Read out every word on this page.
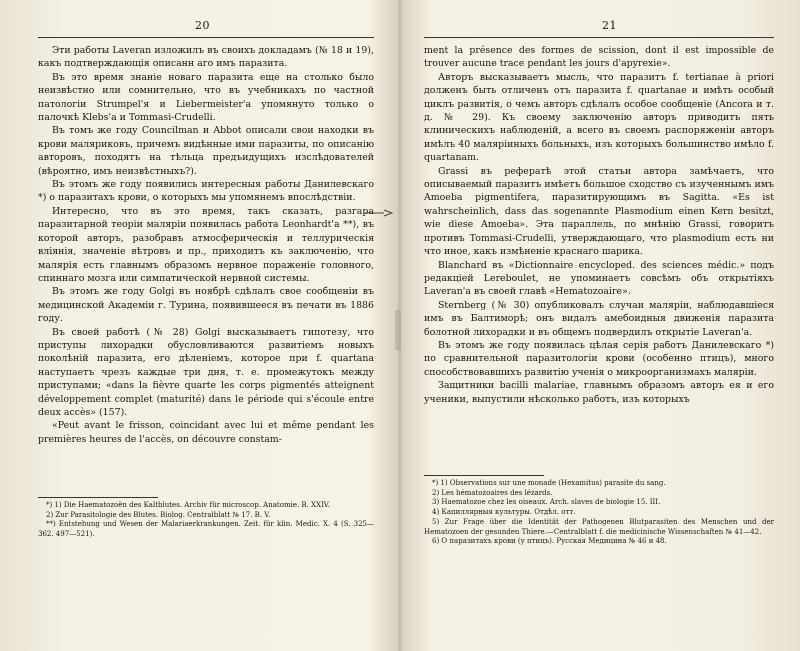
20

Эти работы Laveran изложилъ въ своихъ докладамъ (№ 18 и 19), какъ подтверждающія описанн аго имъ паразита.

Въ это время знаніе новаго паразита еще на столько было неизвѣстно или сомнительно, что въ учебникахъ по частной патологіи Strumpel'я и Liebermeister'a упомянуто только о палочкѣ Klebs'a и Tommasi-Crudelli.

Въ томъ же году Councilman и Abbot описали свои находки въ крови маляриковъ, причемъ видѣнные ими паразиты, по описанію авторовъ, походятъ на тѣльца предъидущихъ изслѣдователей (вѣроятно, имъ неизвѣстныхъ?).

Въ этомъ же году появились интересныя работы Данилевскаго *) о паразитахъ крови, о которыхъ мы упомянемъ впослѣдствіи.

Интересно, что въ это время, такъ сказать, разгара паразитарной теоріи маляріи появилась работа Leonhardt'a **), въ которой авторъ, разобравъ атмосферическія и теллурическія вліянія, значеніе вѣтровъ и пр., приходитъ къ заключенію, что малярія есть главнымъ образомъ нервное пораженіе головного, спиннаго мозга или симпатической нервной системы.

Въ этомъ же году Golgi въ ноябрѣ сдѣлалъ свое сообщеніи въ медицинской Академіи г. Турина, появившееся въ печати въ 1886 году.

Въ своей работѣ (№ 28) Golgi высказываетъ гипотезу, что приступы лихорадки обусловливаются развитіемъ новыхъ поколѣній паразита, его дѣленіемъ, которое при f. quartana наступаетъ чрезъ каждые три дня, т. е. промежутокъ между приступами; «dans la fièvre quarte les corps pigmentés atteignent développement complet (maturité) dans le période qui s'écoule entre deux accès» (157).

«Peut avant le frisson, coincidant avec lui et même pendant les premières heures de l'accès, on découvre constam-

*) 1) Die Haematozoën des Kaltblutes. Archiv für microscop. Anatomie. B. XXIV.

2) Zur Parasitologie des Blutes. Biolog. Centralblatt № 17. B. V.

**) Entstehung und Wesen der Malariaerkrankungen. Zeit. für klin. Medic. X. 4 (S. 325—362. 497—521).

21

ment la présence des formes de scission, dont il est impossible de trouver aucune trace pendant les jours d'apyrexie».

Авторъ высказываетъ мысль, что паразитъ f. tertianae à priori долженъ быть отличенъ отъ паразита f. quartanae и имѣть особый циклъ развитія, о чемъ авторъ сдѣлалъ особое сообщеніе (Ancora и т. д. № 29). Къ своему заключенію авторъ приводитъ пять клиническихъ наблюденій, а всего въ своемъ распоряженіи авторъ имѣлъ 40 маляріиныхъ больныхъ, изъ которыхъ большинство имѣло f. quartanam.

Grassi въ рефератѣ этой статьи автора замѣчаетъ, что описываемый паразитъ имѣетъ большое сходство съ изученнымъ имъ Amoeba pigmentifera, паразитирующимъ въ Sagitta. «Es ist wahrscheinlich, dass das sogenannte Plasmodium einen Kern besitzt, wie diese Amoeba». Эта параллель, по мнѣнію Grassi, говоритъ противъ Tommasi-Crudelli, утверждающаго, что plasmodium есть ни что иное, какъ измѣненіе краснаго шарика.

Blanchard въ «Dictionnaire encycloped. des sciences médic.» подъ редакціей Lereboulet, не упоминаетъ совсѣмъ объ открытіяхъ Laveran'a въ своей главѣ «Hematozoaire».

Sternberg (№ 30) опубликовалъ случаи маляріи, наблюдавшіеся имъ въ Балтиморѣ; онъ видалъ амебоидныя движенія паразита болотной лихорадки и въ общемъ подвердилъ открытіе Laveran'a.

Въ этомъ же году появилась цѣлая серія работъ Данилевскаго *) по сравнительной паразитологіи крови (особенно птицъ), много способствовавшихъ развитію ученія о микроорганизмахъ маляріи.

Защитники bacilli malariae, главнымъ образомъ авторъ ея и его ученики, выпустили нѣсколько работъ, изъ которыхъ

*) 1) Observations sur une monade (Hexamitus) parasite du sang.

2) Les hématozoaires des lézards.

3) Haematozoe chez les oiseaux. Arch. slaves de biologie 15. III.

4) Капиллярныя культуры. Отдѣл. отт.

5) Zur Frage über die Identität der Pathogenen Blutparasiten des Menschen und der Hematozoen der gesunden Thiere.—Centralblatt f. die medicinische Wissenschaften № 41—42.

6) О паразитахъ крови (у птицъ). Русская Медицина № 46 и 48.
